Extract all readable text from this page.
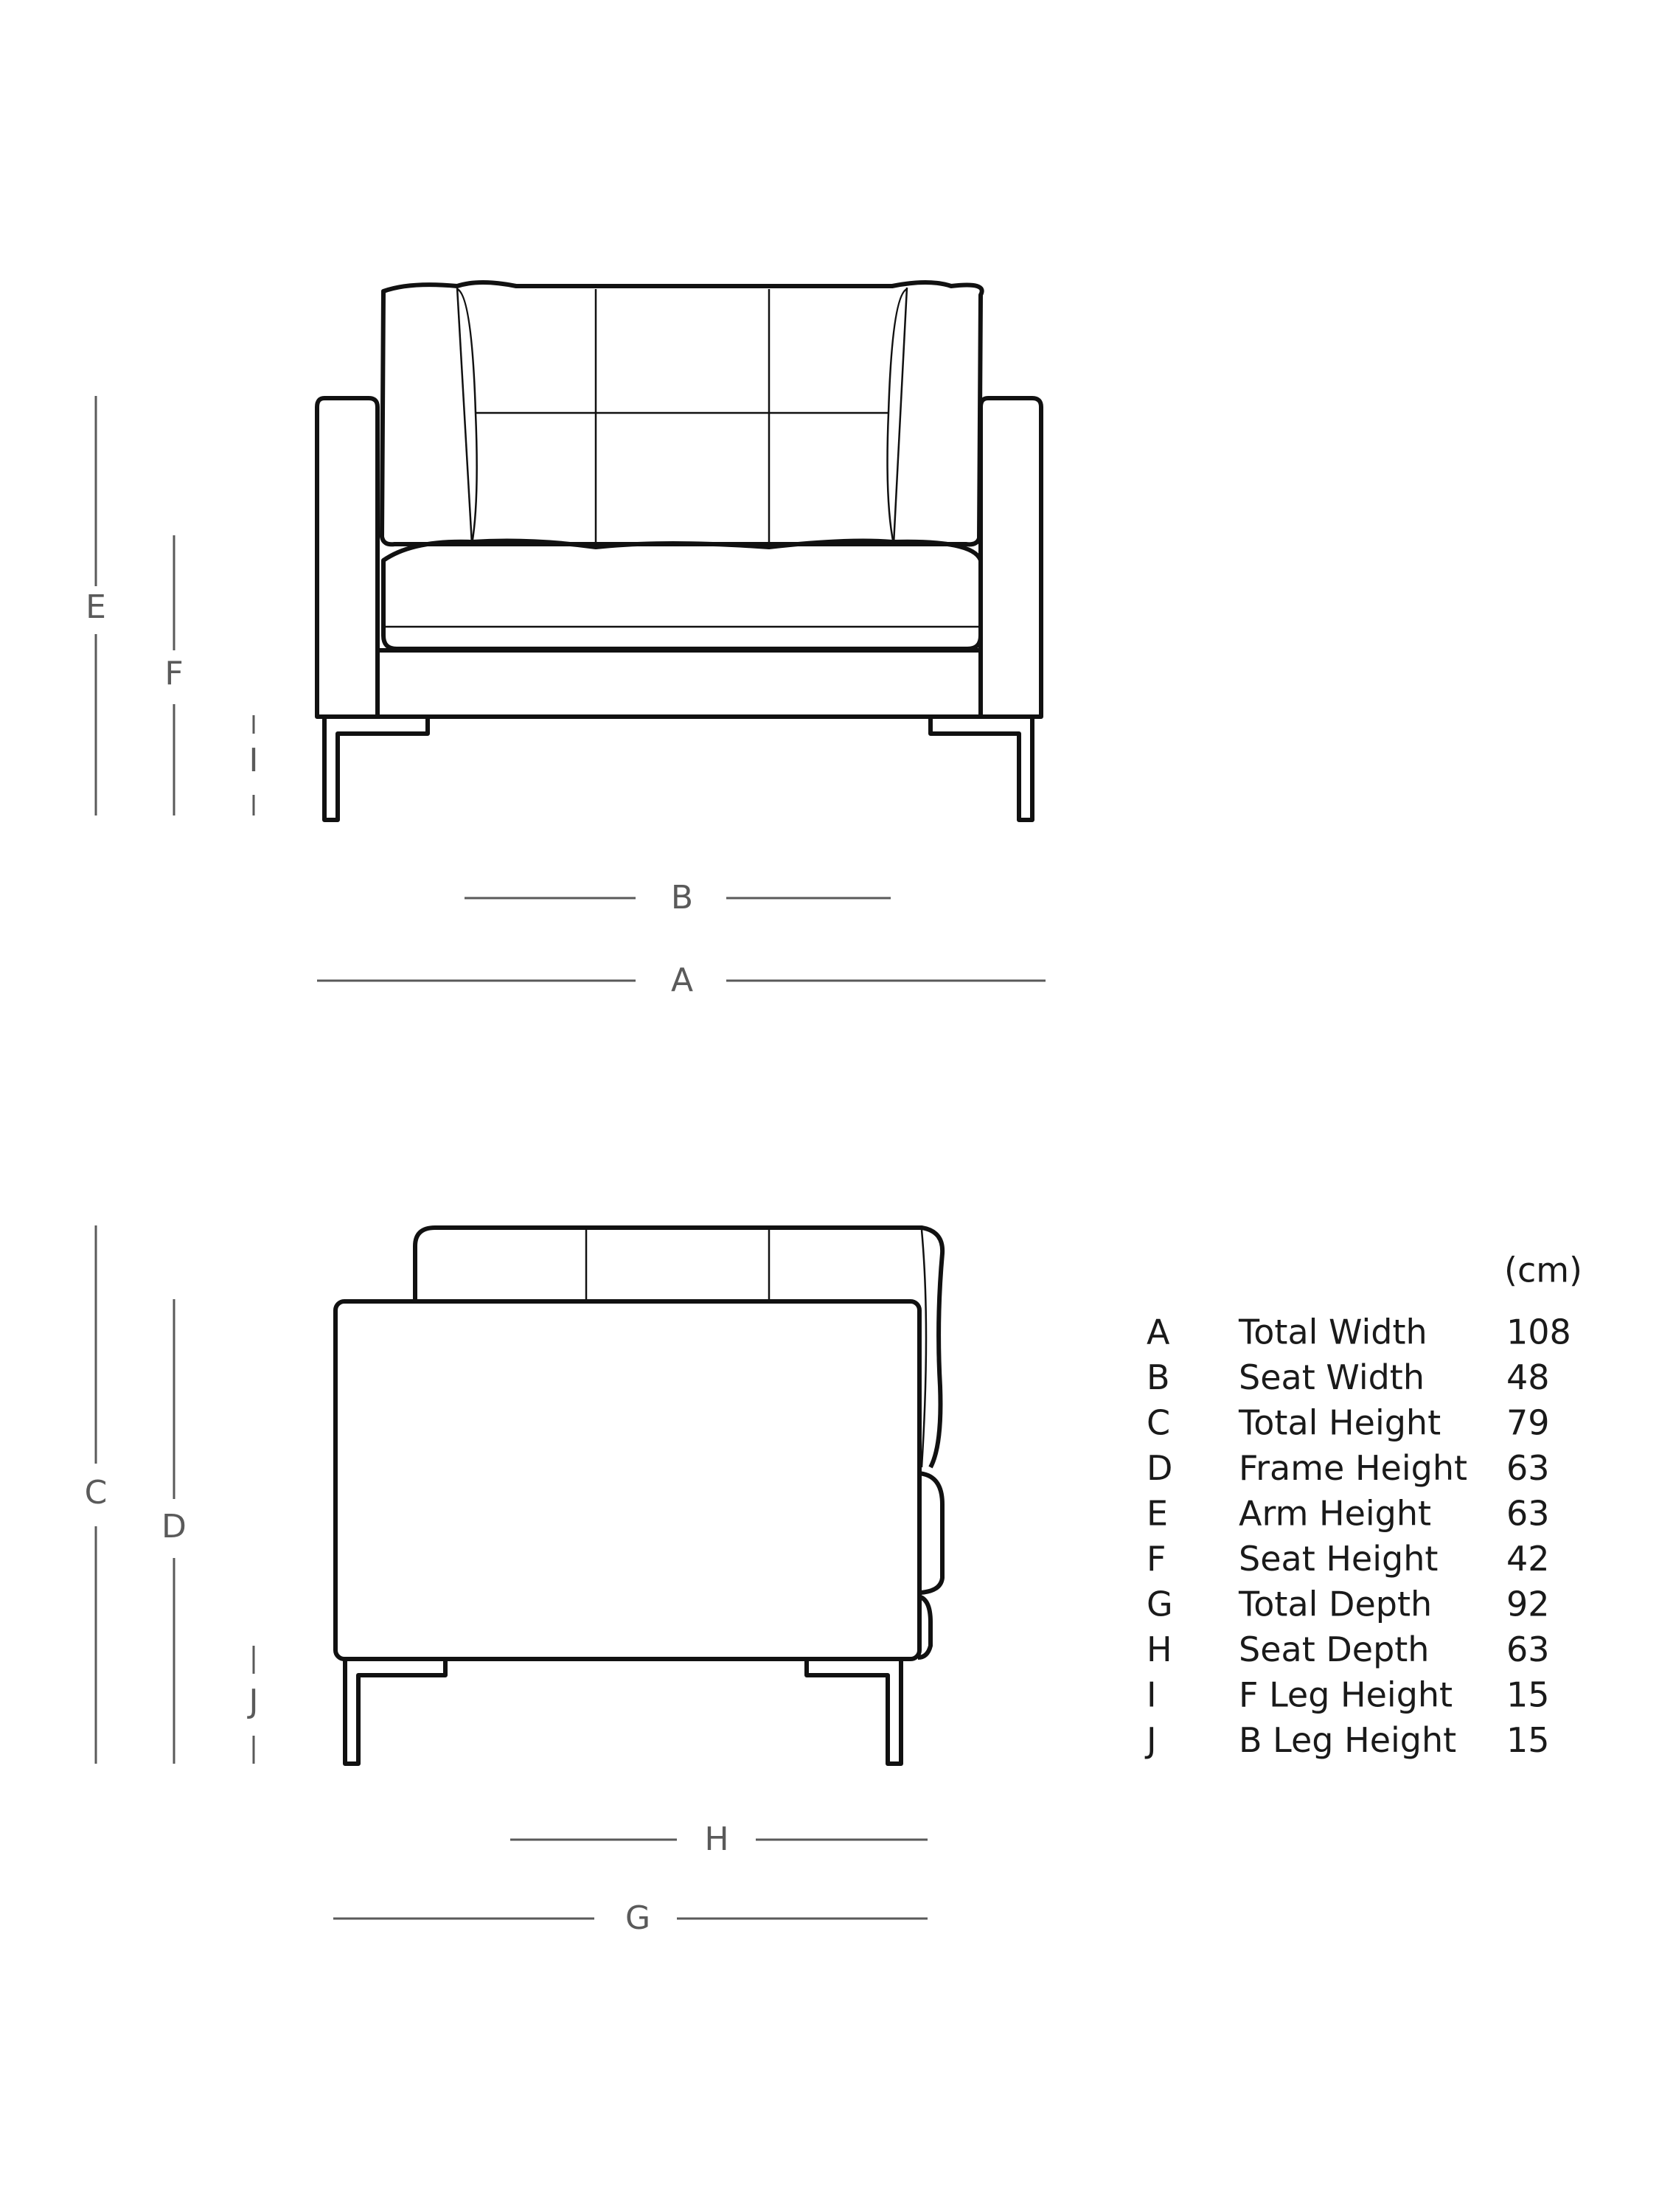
E
F
I
B
A
C
D
J
H
G
(cm)
A Total Width 108
B Seat Width 48
C Total Height 79
D Frame Height 63
E Arm Height 63
F Seat Height 42
G Total Depth 92
H Seat Depth 63
I F Leg Height 15
J B Leg Height 15
